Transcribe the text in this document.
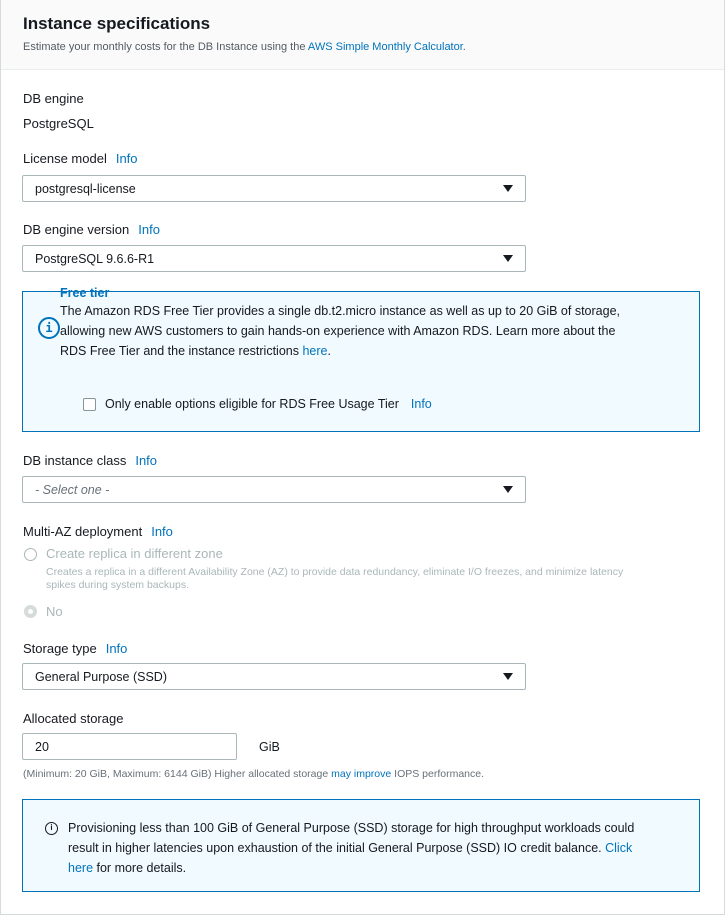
Instance specifications
Estimate your monthly costs for the DB Instance using the AWS Simple Monthly Calculator.
DB engine
PostgreSQL
License model Info
postgresql-license
DB engine version Info
PostgreSQL 9.6.6-R1
i
Free tier
The Amazon RDS Free Tier provides a single db.t2.micro instance as well as up to 20 GiB of storage,
allowing new AWS customers to gain hands-on experience with Amazon RDS. Learn more about the
RDS Free Tier and the instance restrictions here.
Only enable options eligible for RDS Free Usage Tier Info
DB instance class Info
- Select one -
Multi-AZ deployment Info
Create replica in different zone
Creates a replica in a different Availability Zone (AZ) to provide data redundancy, eliminate I/O freezes, and minimize latency
spikes during system backups.
No
Storage type Info
General Purpose (SSD)
Allocated storage
20	GiB
(Minimum: 20 GiB, Maximum: 6144 GiB) Higher allocated storage may improve IOPS performance.
i	Provisioning less than 100 GiB of General Purpose (SSD) storage for high throughput workloads could
result in higher latencies upon exhaustion of the initial General Purpose (SSD) IO credit balance. Click
here for more details.
